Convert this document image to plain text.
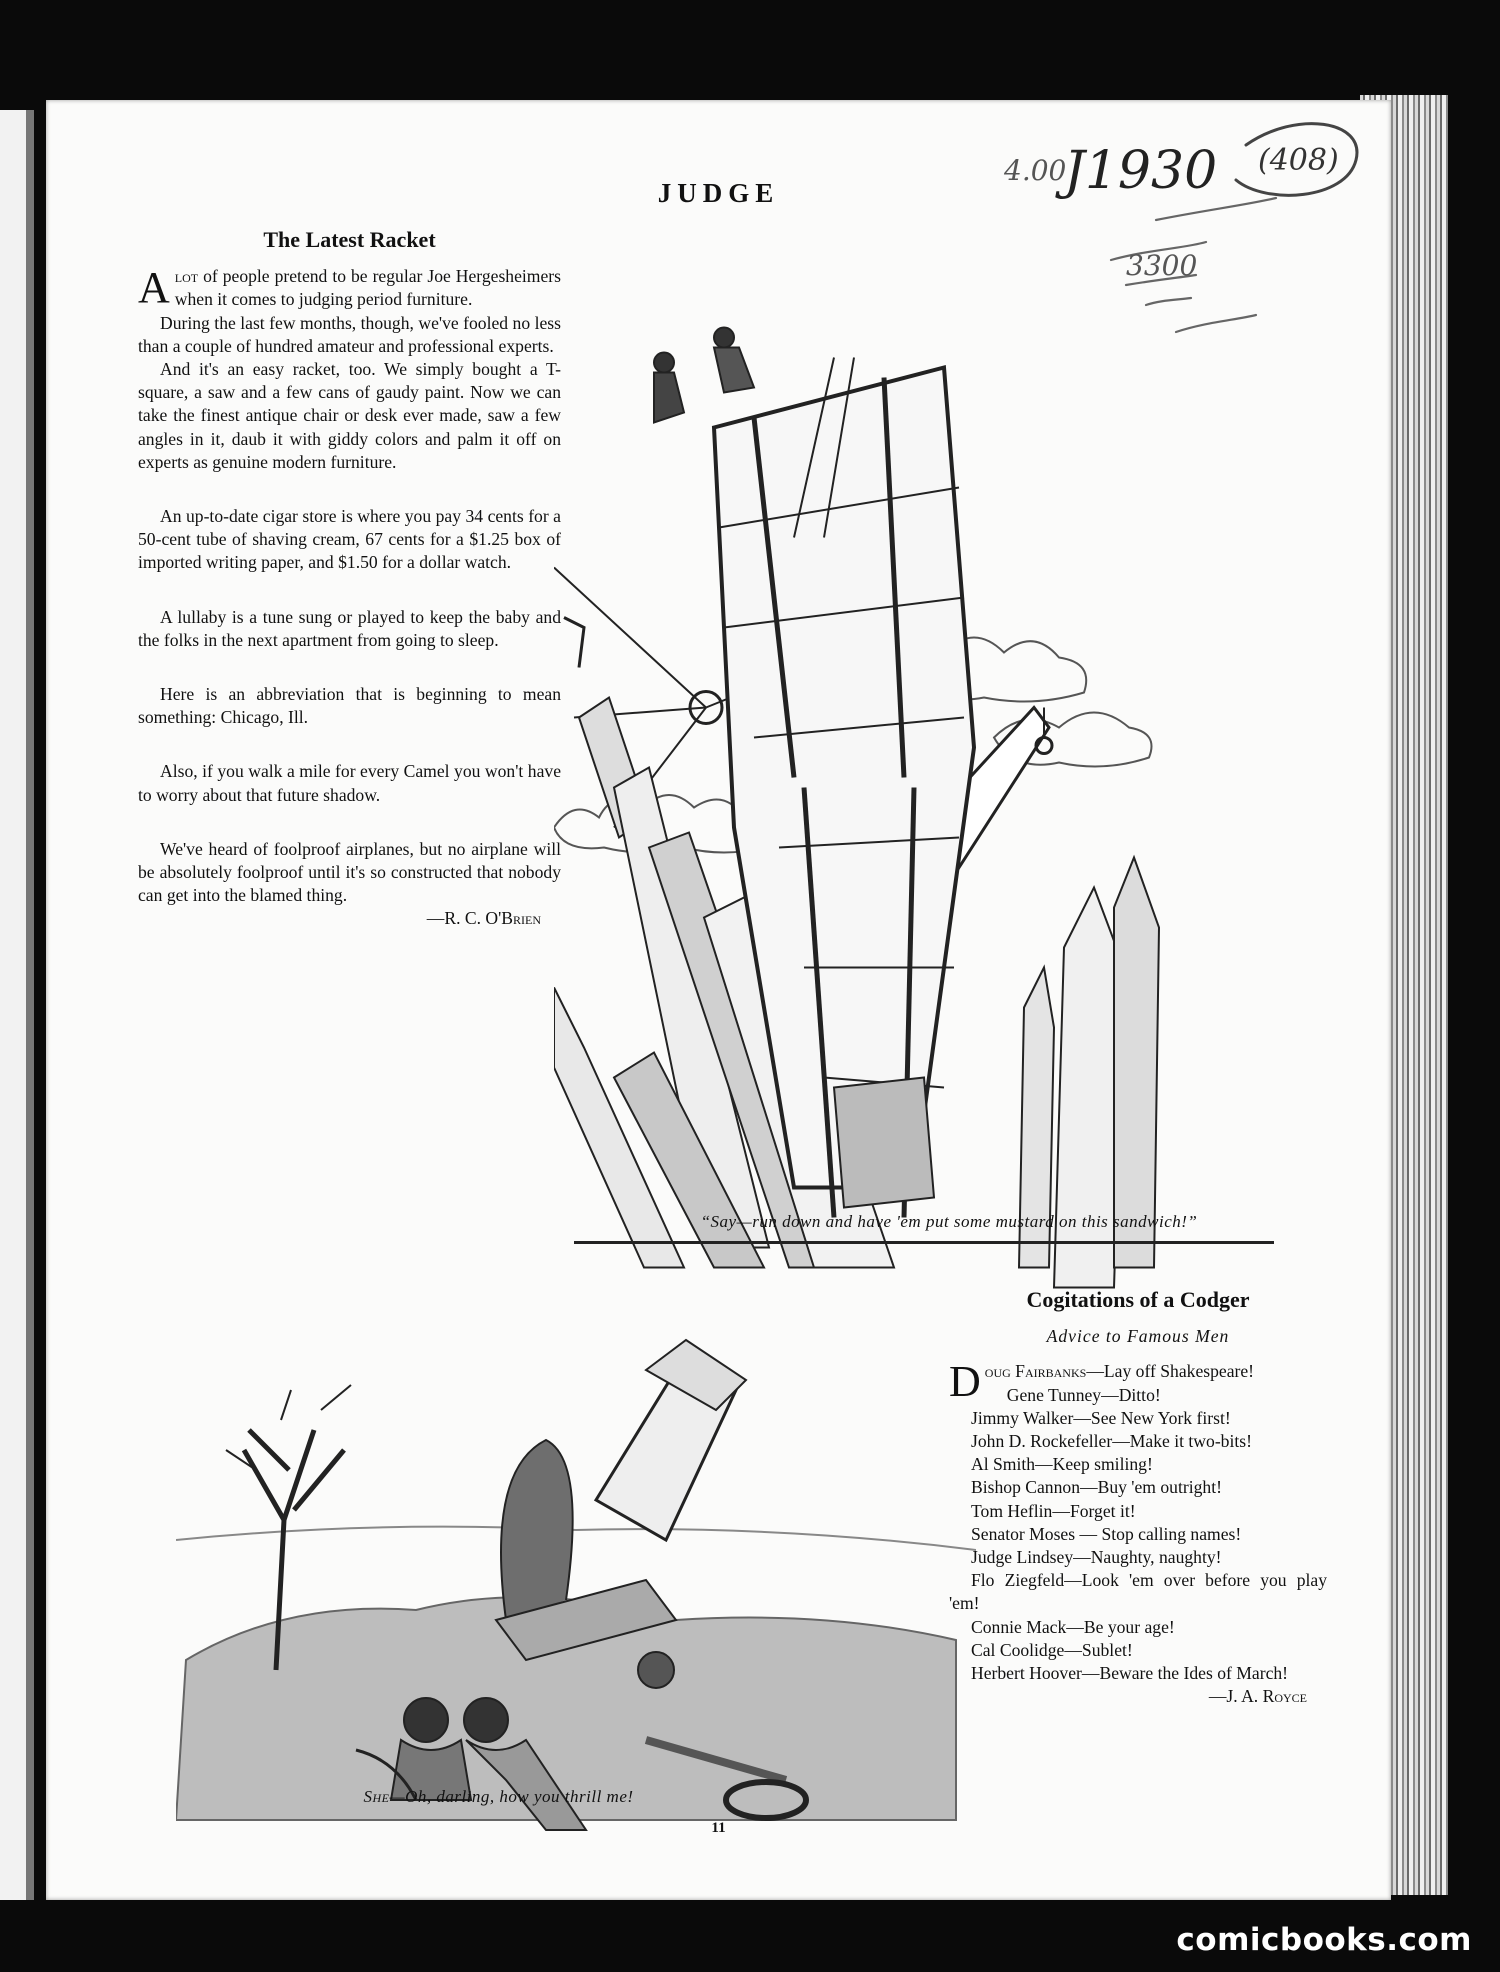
JUDGE
4.00
J1930 (408)
3300
The Latest Racket

Alot of people pretend to be regular Joe Hergesheimers when it comes to judging period furniture.

During the last few months, though, we've fooled no less than a couple of hundred amateur and professional experts.

And it's an easy racket, too. We simply bought a T-square, a saw and a few cans of gaudy paint. Now we can take the finest antique chair or desk ever made, saw a few angles in it, daub it with giddy colors and palm it off on experts as genuine modern furniture.

An up-to-date cigar store is where you pay 34 cents for a 50-cent tube of shaving cream, 67 cents for a $1.25 box of imported writing paper, and $1.50 for a dollar watch.

A lullaby is a tune sung or played to keep the baby and the folks in the next apartment from going to sleep.

Here is an abbreviation that is beginning to mean something: Chicago, Ill.

Also, if you walk a mile for every Camel you won't have to worry about that future shadow.

We've heard of foolproof airplanes, but no airplane will be absolutely foolproof until it's so constructed that nobody can get into the blamed thing.

—R. C. O'Brien

“Say—run down and have 'em put some mustard on this sandwich!”
She—Oh, darling, how you thrill me!
Cogitations of a Codger
Advice to Famous Men

Doug Fairbanks—Lay off Shakespeare!

Gene Tunney—Ditto!

Jimmy Walker—See New York first!

John D. Rockefeller—Make it two-bits!

Al Smith—Keep smiling!

Bishop Cannon—Buy 'em outright!

Tom Heflin—Forget it!

Senator Moses — Stop calling names!

Judge Lindsey—Naughty, naughty!

Flo Ziegfeld—Look 'em over before you play 'em!

Connie Mack—Be your age!

Cal Coolidge—Sublet!

Herbert Hoover—Beware the Ides of March!

—J. A. Royce

11
comicbooks.com
